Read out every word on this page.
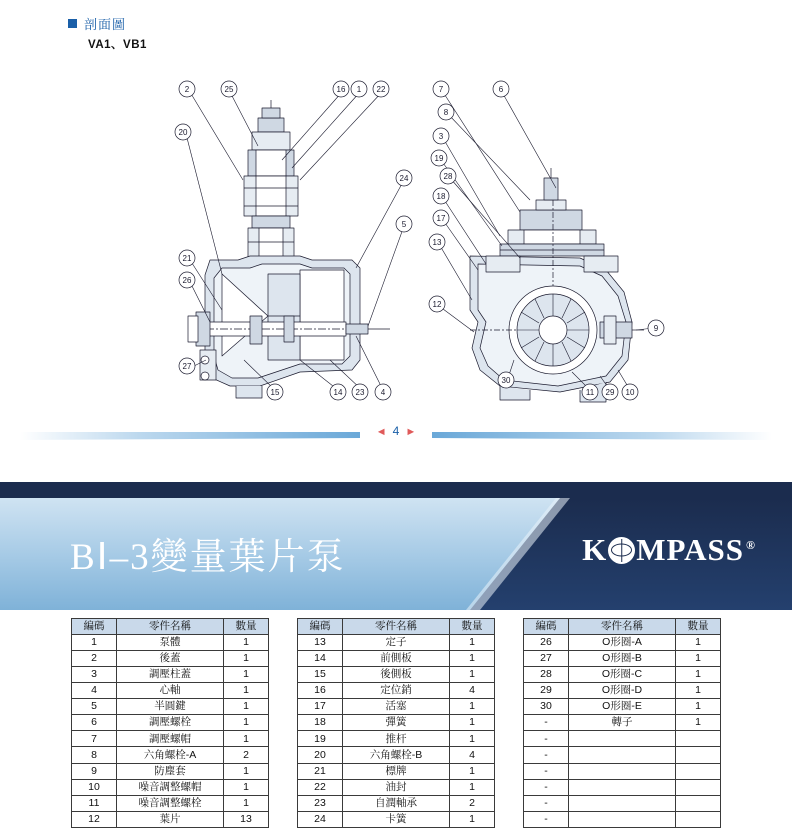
剖面圖
VA1、VB1
2	25
20
21
26
27
15	14 23 4
16 1 22
24
5
7	6
8
3
19
28
18
17
13
12
30
11 29 10
9
◄ 4 ►
BⅠ–3變量葉片泵	K MPASS ®
編碼	零件名稱	數量
1	泵體	1
2	後蓋	1
3	調壓柱蓋	1
4	心軸	1
5	半圓鍵	1
6	調壓螺栓	1
7	調壓螺帽	1
8	六角螺栓-A	2
9	防塵套	1
10	噪音調整螺帽	1
11	噪音調整螺栓	1
12	葉片	13
編碼	零件名稱	數量
13	定子	1
14	前側板	1
15	後側板	1
16	定位銷	4
17	活塞	1
18	彈簧	1
19	推杆	1
20	六角螺栓-B	4
21	標牌	1
22	油封	1
23	自潤軸承	2
24	卡簧	1
編碼	零件名稱	數量
26	O形圈-A	1
27	O形圈-B	1
28	O形圈-C	1
29	O形圈-D	1
30	O形圈-E	1
-	轉子	1
-		
-		
-		
-		
-		
-		
